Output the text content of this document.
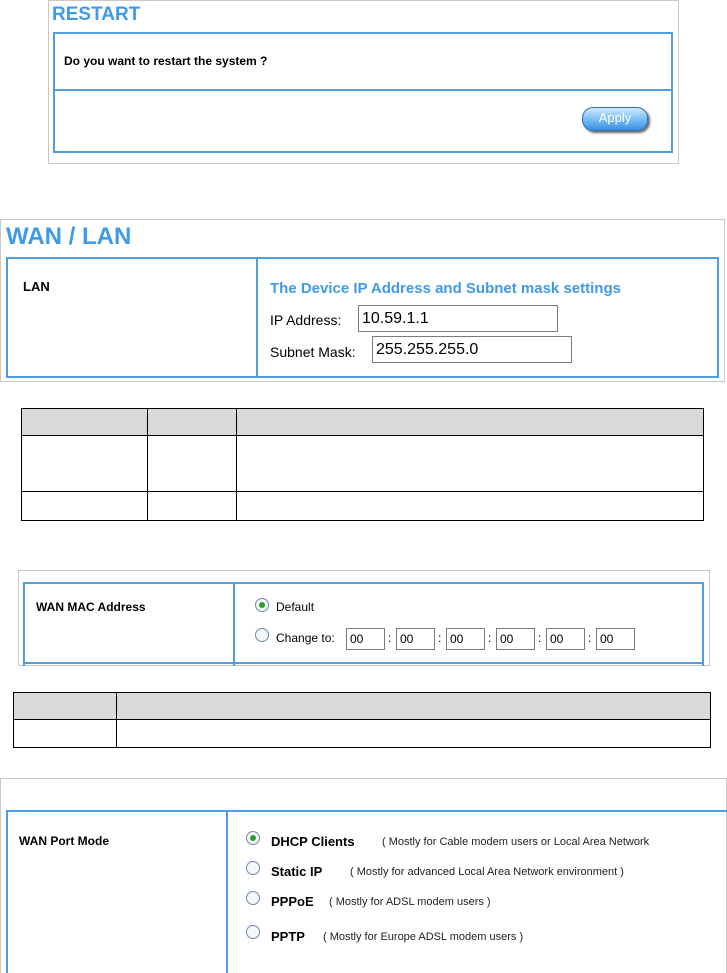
RESTART
Do you want to restart the system ?
Apply
WAN / LAN
LAN	The Device IP Address and Subnet mask settings
IP Address:
10.59.1.1
Subnet Mask:
255.255.255.0

WAN MAC Address	Default
Change to:
00	:
00	:
00	:
00	:
00	:
00

WAN Port Mode	DHCP Clients ( Mostly for Cable modem users or Local Area Network
Static IP	( Mostly for advanced Local Area Network environment )
PPPoE ( Mostly for ADSL modem users )
PPTP ( Mostly for Europe ADSL modem users )
